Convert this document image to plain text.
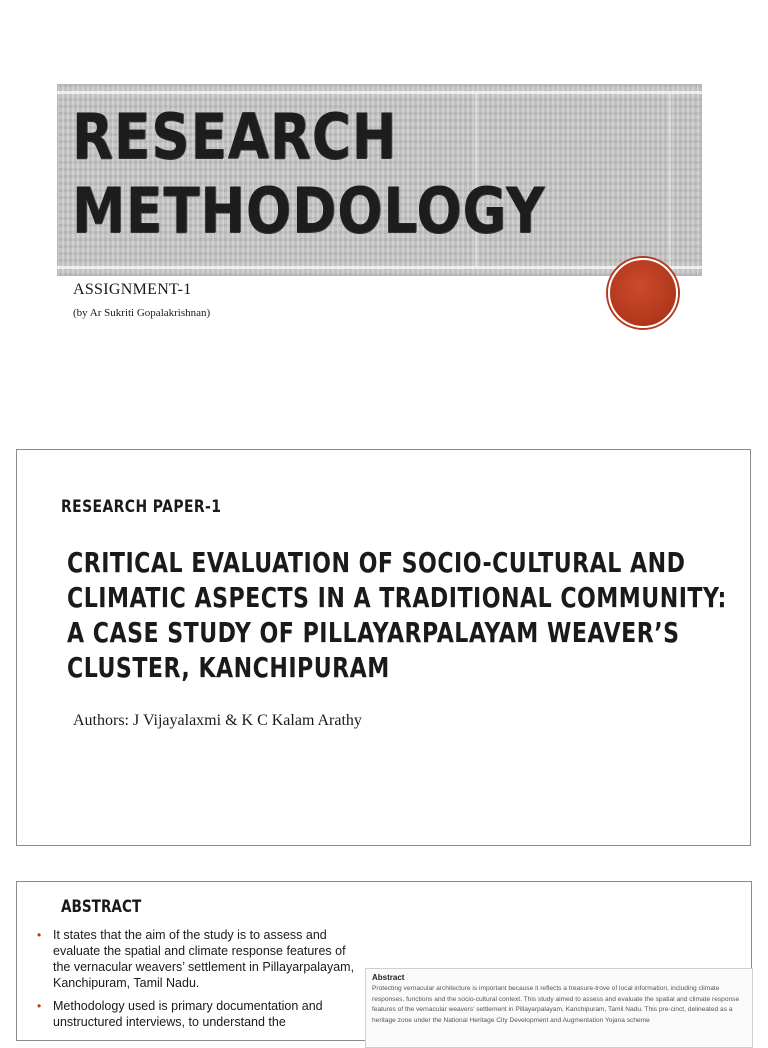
RESEARCH
METHODOLOGY
ASSIGNMENT-1
(by Ar Sukriti Gopalakrishnan)
RESEARCH PAPER-1
CRITICAL EVALUATION OF SOCIO-CULTURAL AND
CLIMATIC ASPECTS IN A TRADITIONAL COMMUNITY:
A CASE STUDY OF PILLAYARPALAYAM WEAVER’S
CLUSTER, KANCHIPURAM
Authors: J Vijayalaxmi & K C Kalam Arathy
ABSTRACT
• It states that the aim of the study is to assess and evaluate the spatial and climate response features of the vernacular weavers’ settlement in Pillayarpalayam, Kanchipuram, Tamil Nadu.
• Methodology used is primary documentation and unstructured interviews, to understand the
Abstract
Protecting vernacular architecture is important because it reflects a treasure-trove of local information, including climate responses, functions and the socio-cultural context. This study aimed to assess and evaluate the spatial and climate response features of the vernacular weavers’ settlement in Pillayarpalayam, Kanchipuram, Tamil Nadu. This pre-cinct, delineated as a heritage zone under the National Heritage City Development and Augmentation Yojana scheme
